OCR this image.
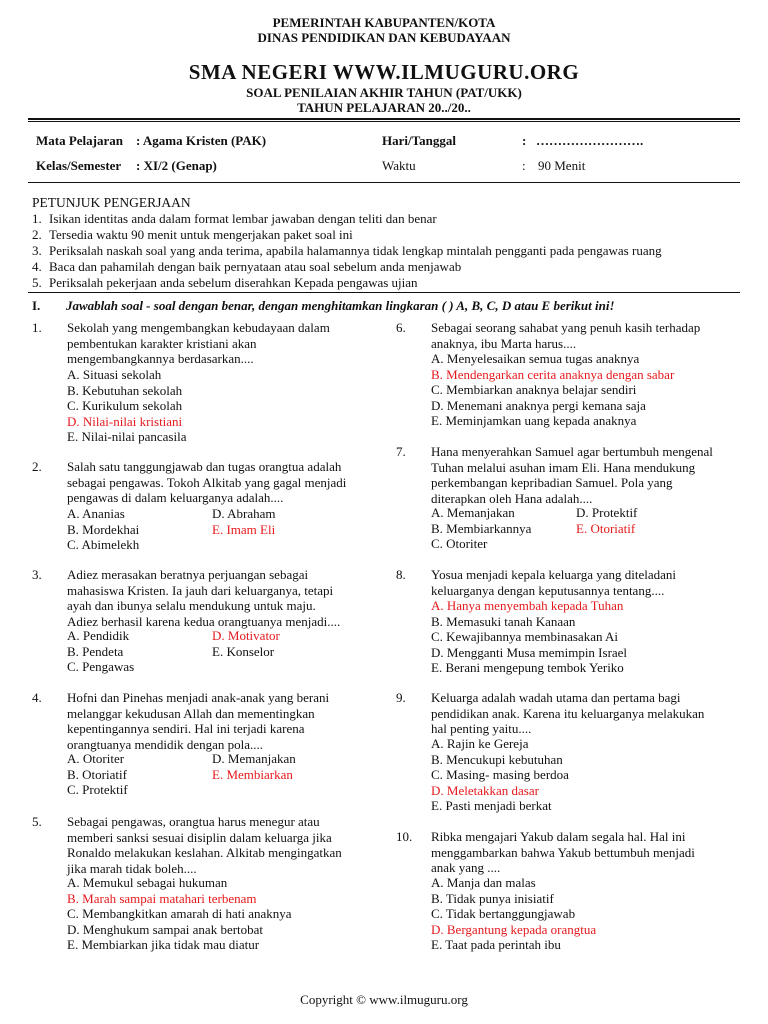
PEMERINTAH KABUPANTEN/KOTA
DINAS PENDIDIKAN DAN KEBUDAYAAN
SMA NEGERI WWW.ILMUGURU.ORG
SOAL PENILAIAN AKHIR TAHUN (PAT/UKK)
TAHUN PELAJARAN 20../20..
Mata Pelajaran : Agama Kristen (PAK)	Hari/Tanggal	: …………………….
Kelas/Semester : XI/2 (Genap)	Waktu	: 90 Menit
PETUNJUK PENGERJAAN
1. Isikan identitas anda dalam format lembar jawaban dengan teliti dan benar
2. Tersedia waktu 90 menit untuk mengerjakan paket soal ini
3. Periksalah naskah soal yang anda terima, apabila halamannya tidak lengkap mintalah pengganti pada pengawas ruang
4. Baca dan pahamilah dengan baik pernyataan atau soal sebelum anda menjawab
5. Periksalah pekerjaan anda sebelum diserahkan Kepada pengawas ujian
I. Jawablah soal - soal dengan benar, dengan menghitamkan lingkaran ( ) A, B, C, D atau E berikut ini!
1. Sekolah yang mengembangkan kebudayaan dalam
pembentukan karakter kristiani akan
mengembangkannya berdasarkan....
A. Situasi sekolah
B. Kebutuhan sekolah
C. Kurikulum sekolah
D. Nilai-nilai kristiani
E. Nilai-nilai pancasila
2. Salah satu tanggungjawab dan tugas orangtua adalah
sebagai pengawas. Tokoh Alkitab yang gagal menjadi
pengawas di dalam keluarganya adalah....
A. Ananias	D. Abraham
B. Mordekhai	E. Imam Eli
C. Abimelekh
3. Adiez merasakan beratnya perjuangan sebagai
mahasiswa Kristen. Ia jauh dari keluarganya, tetapi
ayah dan ibunya selalu mendukung untuk maju.
Adiez berhasil karena kedua orangtuanya menjadi....
A. Pendidik	D. Motivator
B. Pendeta	E. Konselor
C. Pengawas
4. Hofni dan Pinehas menjadi anak-anak yang berani
melanggar kekudusan Allah dan mementingkan
kepentingannya sendiri. Hal ini terjadi karena
orangtuanya mendidik dengan pola....
A. Otoriter	D. Memanjakan
B. Otoriatif	E. Membiarkan
C. Protektif
5. Sebagai pengawas, orangtua harus menegur atau
memberi sanksi sesuai disiplin dalam keluarga jika
Ronaldo melakukan keslahan. Alkitab mengingatkan
jika marah tidak boleh....
A. Memukul sebagai hukuman
B. Marah sampai matahari terbenam
C. Membangkitkan amarah di hati anaknya
D. Menghukum sampai anak bertobat
E. Membiarkan jika tidak mau diatur
6. Sebagai seorang sahabat yang penuh kasih terhadap
anaknya, ibu Marta harus....
A. Menyelesaikan semua tugas anaknya
B. Mendengarkan cerita anaknya dengan sabar
C. Membiarkan anaknya belajar sendiri
D. Menemani anaknya pergi kemana saja
E. Meminjamkan uang kepada anaknya
7. Hana menyerahkan Samuel agar bertumbuh mengenal
Tuhan melalui asuhan imam Eli. Hana mendukung
perkembangan kepribadian Samuel. Pola yang
diterapkan oleh Hana adalah....
A. Memanjakan	D. Protektif
B. Membiarkannya	E. Otoriatif
C. Otoriter
8. Yosua menjadi kepala keluarga yang diteladani
keluarganya dengan keputusannya tentang....
A. Hanya menyembah kepada Tuhan
B. Memasuki tanah Kanaan
C. Kewajibannya membinasakan Ai
D. Mengganti Musa memimpin Israel
E. Berani mengepung tembok Yeriko
9. Keluarga adalah wadah utama dan pertama bagi
pendidikan anak. Karena itu keluarganya melakukan
hal penting yaitu....
A. Rajin ke Gereja
B. Mencukupi kebutuhan
C. Masing- masing berdoa
D. Meletakkan dasar
E. Pasti menjadi berkat
10. Ribka mengajari Yakub dalam segala hal. Hal ini
menggambarkan bahwa Yakub bettumbuh menjadi
anak yang ....
A. Manja dan malas
B. Tidak punya inisiatif
C. Tidak bertanggungjawab
D. Bergantung kepada orangtua
E. Taat pada perintah ibu
Copyright © www.ilmuguru.org
